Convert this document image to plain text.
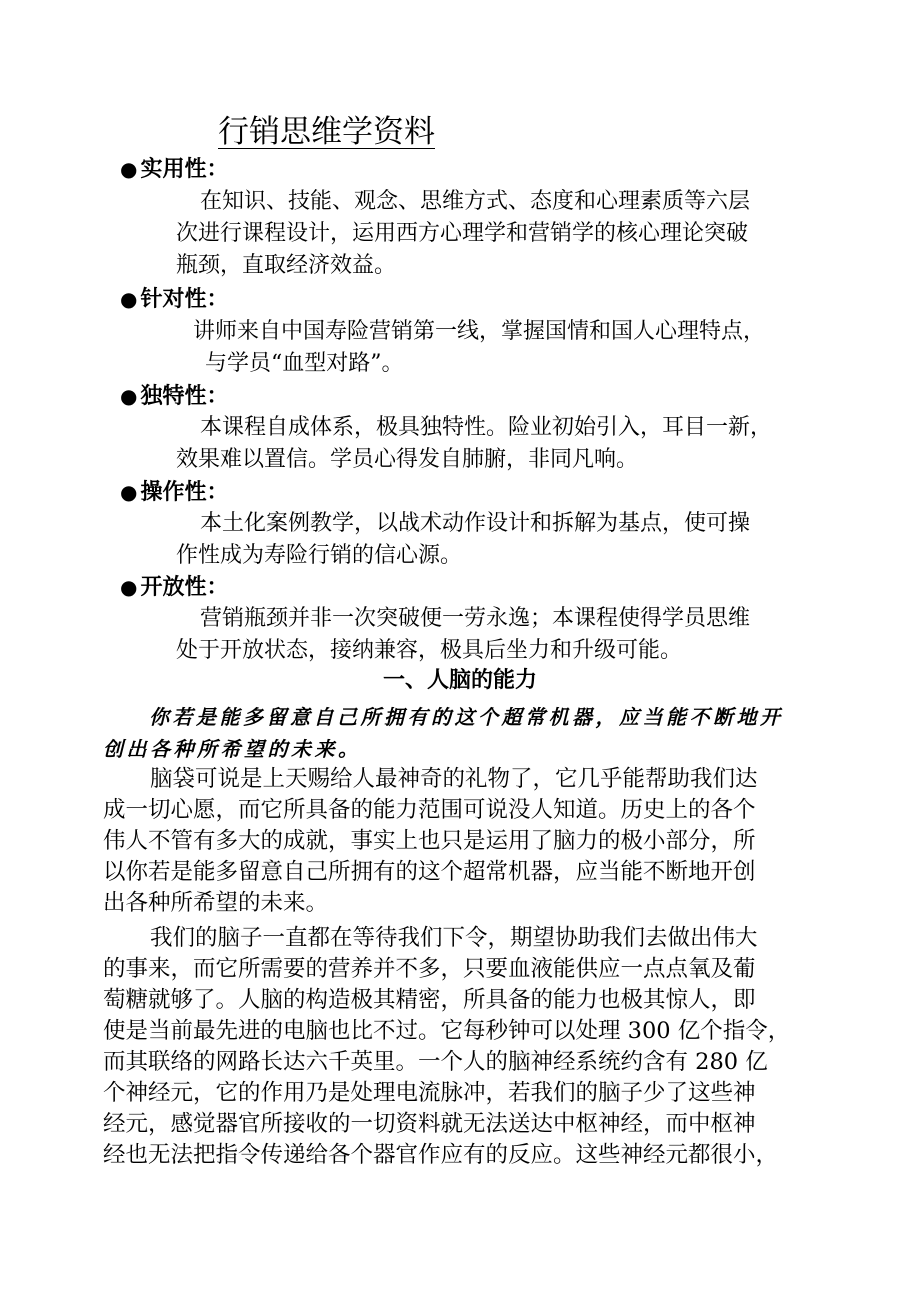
行销思维学资料
● 实用性：
在知识、技能、观念、思维方式、态度和心理素质等六层
次进行课程设计，运用西方心理学和营销学的核心理论突破
瓶颈，直取经济效益。
● 针对性：
讲师来自中国寿险营销第一线，掌握国情和国人心理特点，
与学员“血型对路”。
● 独特性：
本课程自成体系，极具独特性。险业初始引入，耳目一新，
效果难以置信。学员心得发自肺腑，非同凡响。
● 操作性：
本土化案例教学，以战术动作设计和拆解为基点，使可操
作性成为寿险行销的信心源。
● 开放性：
营销瓶颈并非一次突破便一劳永逸；本课程使得学员思维
处于开放状态，接纳兼容，极具后坐力和升级可能。
一、人脑的能力
你若是能多留意自己所拥有的这个超常机器，应当能不断地开
创出各种所希望的未来。
脑袋可说是上天赐给人最神奇的礼物了，它几乎能帮助我们达
成一切心愿，而它所具备的能力范围可说没人知道。历史上的各个
伟人不管有多大的成就，事实上也只是运用了脑力的极小部分，所
以你若是能多留意自己所拥有的这个超常机器，应当能不断地开创
出各种所希望的未来。
我们的脑子一直都在等待我们下令，期望协助我们去做出伟大
的事来，而它所需要的营养并不多，只要血液能供应一点点氧及葡
萄糖就够了。人脑的构造极其精密，所具备的能力也极其惊人，即
使是当前最先进的电脑也比不过。它每秒钟可以处理 300 亿个指令，
而其联络的网路长达六千英里。一个人的脑神经系统约含有 280 亿
个神经元，它的作用乃是处理电流脉冲，若我们的脑子少了这些神
经元，感觉器官所接收的一切资料就无法送达中枢神经，而中枢神
经也无法把指令传递给各个器官作应有的反应。这些神经元都很小，
